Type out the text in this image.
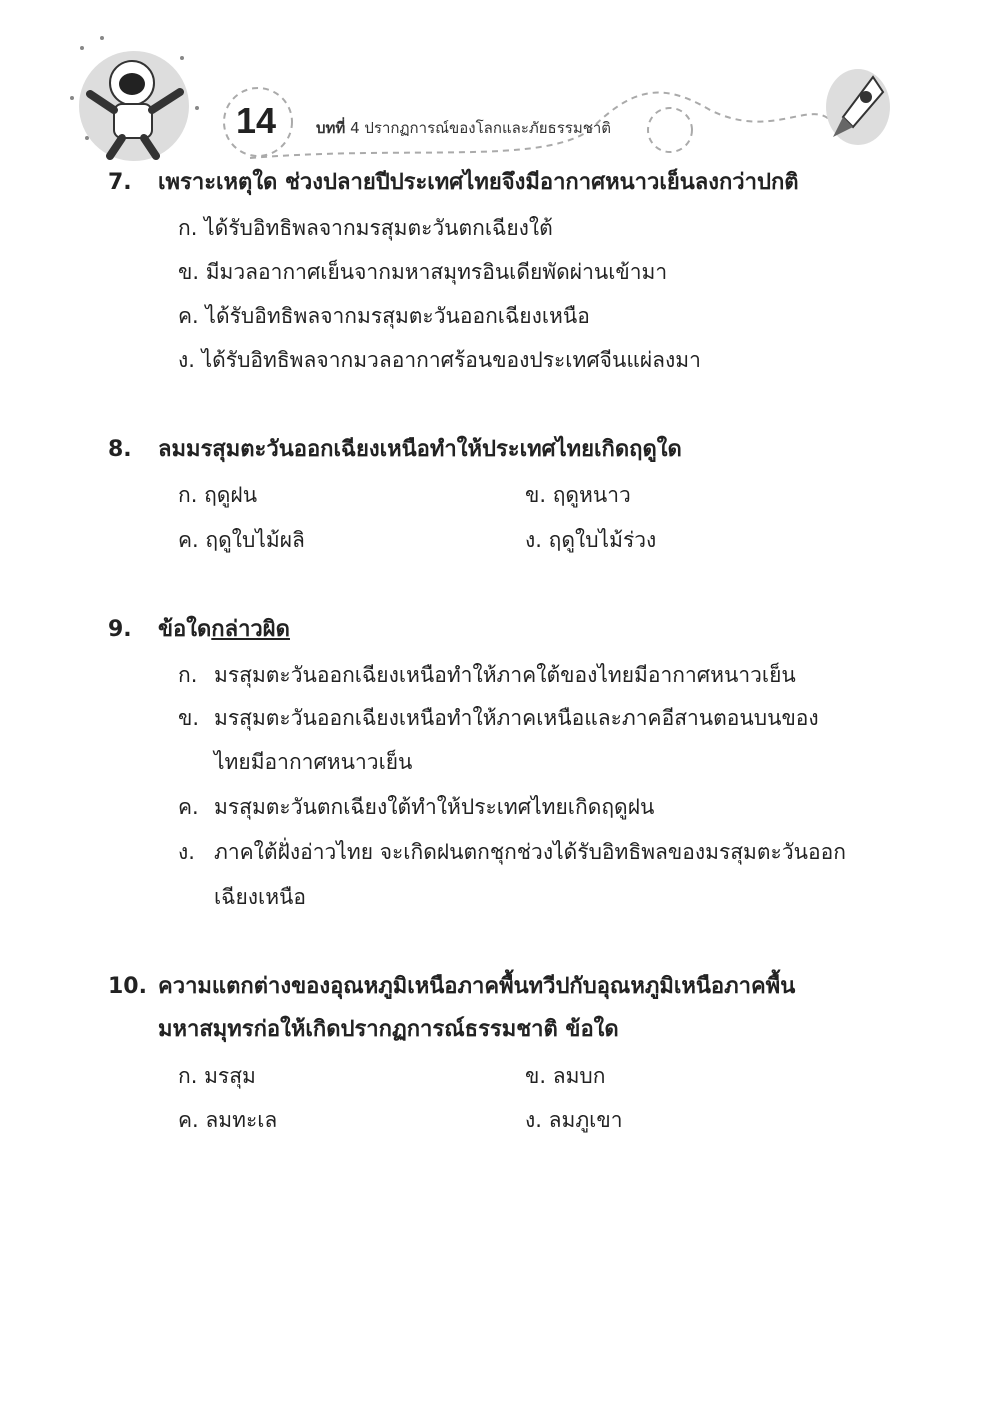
14	บทที่ 4 ปรากฏการณ์ของโลกและภัยธรรมชาติ
7. เพราะเหตุใด ช่วงปลายปีประเทศไทยจึงมีอากาศหนาวเย็นลงกว่าปกติ
ก. ได้รับอิทธิพลจากมรสุมตะวันตกเฉียงใต้
ข. มีมวลอากาศเย็นจากมหาสมุทรอินเดียพัดผ่านเข้ามา
ค. ได้รับอิทธิพลจากมรสุมตะวันออกเฉียงเหนือ
ง. ได้รับอิทธิพลจากมวลอากาศร้อนของประเทศจีนแผ่ลงมา
8. ลมมรสุมตะวันออกเฉียงเหนือทำให้ประเทศไทยเกิดฤดูใด
ก. ฤดูฝน	ข. ฤดูหนาว
ค. ฤดูใบไม้ผลิ	ง. ฤดูใบไม้ร่วง
9. ข้อใดกล่าวผิด
ก. มรสุมตะวันออกเฉียงเหนือทำให้ภาคใต้ของไทยมีอากาศหนาวเย็น
ข. มรสุมตะวันออกเฉียงเหนือทำให้ภาคเหนือและภาคอีสานตอนบนของ
ไทยมีอากาศหนาวเย็น
ค. มรสุมตะวันตกเฉียงใต้ทำให้ประเทศไทยเกิดฤดูฝน
ง. ภาคใต้ฝั่งอ่าวไทย จะเกิดฝนตกชุกช่วงได้รับอิทธิพลของมรสุมตะวันออก
เฉียงเหนือ
10. ความแตกต่างของอุณหภูมิเหนือภาคพื้นทวีปกับอุณหภูมิเหนือภาคพื้น
มหาสมุทรก่อให้เกิดปรากฏการณ์ธรรมชาติ ข้อใด
ก. มรสุม	ข. ลมบก
ค. ลมทะเล	ง. ลมภูเขา
